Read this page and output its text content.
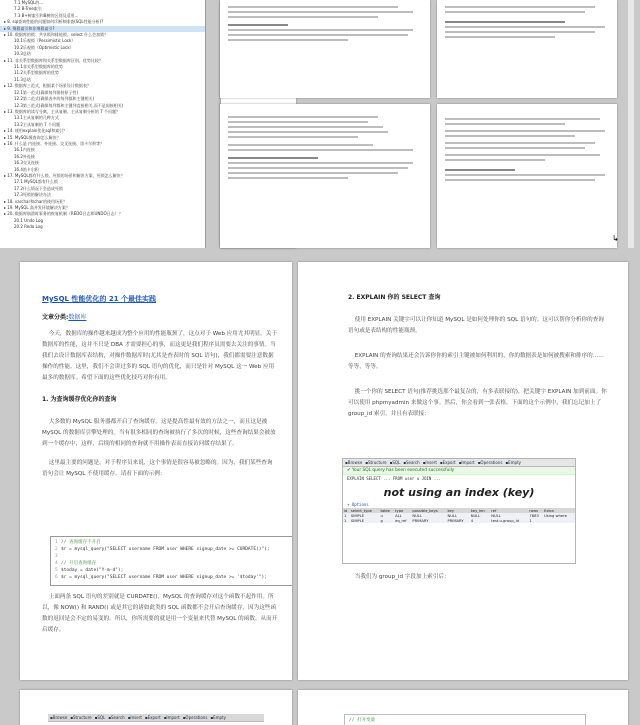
7.1 MySQL的...
7.2 B-Tree索引
7.3 B+树索引和B树的区别及适用...
▸ 8. sql查询性能的问题如何诊断和排查(SQL性能分析)?
▸ 9. 聚簇索引和非聚簇索引?
▸ 10. 数据库的锁：共享锁和排他锁，select 什么会加锁？
10.1乐观锁（Pessimistic Lock）
10.2乐观锁（Optimistic Lock）
10.3总结
▸ 11. 非关系型数据库和关系型数据库区别，优势比较？
11.1非关系型数据库的优势
11.2关系型数据库的优势
11.3总结
▸ 12. 数据库三范式，根据某个场景设计数据表？
12.1第一范式(确保每列保持原子性)
12.2第二范式(确保表中的每列都和主键相关)
12.3第三范式(确保每列都和主键列直接相关,而不是间接相关)
▸ 13. 数据库的读写分离，主从复制，主从复制分析的 7 个问题？
13.1主从复制的几种方式
13.2主从复制的 7 个问题
▸ 14. 使用explain优化sql和索引？
▸ 15. MySQL慢查询怎么解决？
▸ 16. 什么是 内连接、外连接、交叉连接、笛卡尔积等？
16.1内连接
16.2外连接
16.3交叉连接
16.4笛卡尔积
▸ 17. MySQL都有什么锁，死锁的场景和解决方案，死锁怎么解决？
17.1 MySQL都有什么锁
17.2什么情况下会造成死锁
17.3死锁的解决办法
▸ 18. varchar和char的使用场景？
▸ 19. MySQL 高并发环境解决方案？
▸ 20. 数据库崩溃时事务的恢复机制（REDO日志和UNDO日志）？
20.1 Undo Log
20.2 Redo Log
↳
MySQL 性能优化的 21 个最佳实践
文章分类:数据库
今天，数据库的操作越来越成为整个应用的性能瓶颈了，这点对于 Web 应用尤其明显。关于数据库的性能，这并不只是 DBA 才需要担心的事，而这更是我们程序员需要去关注的事情。当我们去设计数据库表结构，对操作数据库时(尤其是查表时的 SQL 语句)，我们都需要注意数据操作的性能。这里，我们不会讲过多的 SQL 语句的优化，而只是针对 MySQL 这一 Web 应用最多的数据库。希望下面的这些优化技巧对你有用。
1. 为查询缓存优化你的查询
大多数的 MySQL 服务器都开启了查询缓存。这是提高性最有效的方法之一，而且这是被 MySQL 的数据库引擎处理的。当有很多相同的查询被执行了多次的时候，这些查询结果会被放到一个缓存中，这样，后续的相同的查询就不用操作表而直接访问缓存结果了。
这里最主要的问题是，对于程序员来说，这个事情是很容易被忽略的。因为，我们某些查询语句会让 MySQL 不使用缓存。请看下面的示例：
1 // 查询缓存不开启
2 $r = mysql_query("SELECT username FROM user WHERE signup_date >= CURDATE()");
3
4 // 开启查询缓存
5 $today = date("Y-m-d");
6 $r = mysql_query("SELECT username FROM user WHERE signup_date >= '$today'");
上面两条 SQL 语句的差别就是 CURDATE()，MySQL 的查询缓存对这个函数不起作用。所以，像 NOW() 和 RAND() 或是其它的诸如此类的 SQL 函数都不会开启查询缓存，因为这些函数的返回是会不定的易变的。所以，你所需要的就是用一个变量来代替 MySQL 的函数，从而开启缓存。
2. EXPLAIN 你的 SELECT 查询
使用 EXPLAIN 关键字可以让你知道 MySQL 是如何处理你的 SQL 语句的。这可以帮你分析你的查询语句或是表结构的性能瓶颈。
EXPLAIN 的查询结果还会告诉你你的索引主键被如何利用的，你的数据表是如何被搜索和排序的……等等，等等。
挑一个你的 SELECT 语句(推荐挑选那个最复杂的，有多表联接的)，把关键字 EXPLAIN 加到前面。你可以使用 phpmyadmin 来做这个事。然后，你会看到一张表格。下面的这个示例中，我们忘记加上了 group_id 索引，并且有表联接：
▪Browse ▪Structure ▪SQL ▪Search ▪Insert ▪Export ▪Import ▪Operations ▪Empty
✔ Your SQL query has been executed successfully
EXPLAIN SELECT ... FROM user u JOIN ...
not using an index (key)
+ Options
id	select_type	table	type	possible_keys	key	key_len	ref	rows	Extra
1	SIMPLE	u	ALL	NULL	NULL	NULL	NULL	7883	Using where
1	SIMPLE	g	eq_ref	PRIMARY	PRIMARY	4	test.u.group_id	1	
当我们为 group_id 字段加上索引后：
▪Browse ▪Structure ▪SQL ▪Search ▪Insert ▪Export ▪Import ▪Operations ▪Empty
// 打开变量
